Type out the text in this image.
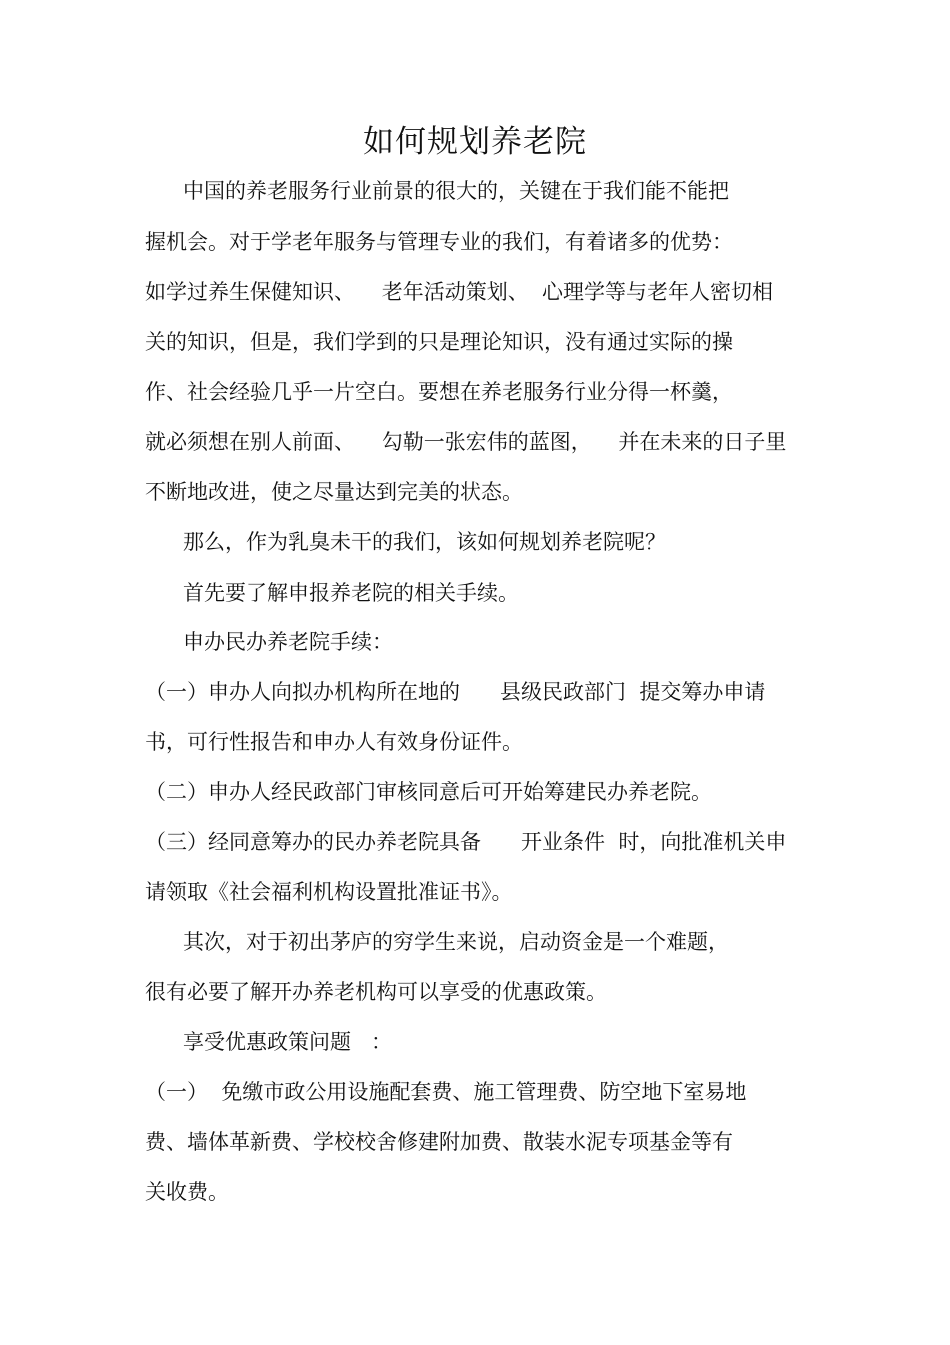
如何规划养老院
中国的养老服务行业前景的很大的，关键在于我们能不能把
握机会。对于学老年服务与管理专业的我们，有着诸多的优势：
如学过养生保健知识、    老年活动策划、  心理学等与老年人密切相
关的知识，但是，我们学到的只是理论知识，没有通过实际的操
作、社会经验几乎一片空白。要想在养老服务行业分得一杯羹，
就必须想在别人前面、    勾勒一张宏伟的蓝图，    并在未来的日子里
不断地改进，使之尽量达到完美的状态。
那么，作为乳臭未干的我们，该如何规划养老院呢？
首先要了解申报养老院的相关手续。
申办民办养老院手续：
（一）申办人向拟办机构所在地的      县级民政部门  提交筹办申请
书，可行性报告和申办人有效身份证件。
（二）申办人经民政部门审核同意后可开始筹建民办养老院。
（三）经同意筹办的民办养老院具备      开业条件  时，向批准机关申
请领取《社会福利机构设置批准证书》。
其次，对于初出茅庐的穷学生来说，启动资金是一个难题，
很有必要了解开办养老机构可以享受的优惠政策。
享受优惠政策问题   ：
（一）  免缴市政公用设施配套费、施工管理费、防空地下室易地
费、墙体革新费、学校校舍修建附加费、散装水泥专项基金等有
关收费。
